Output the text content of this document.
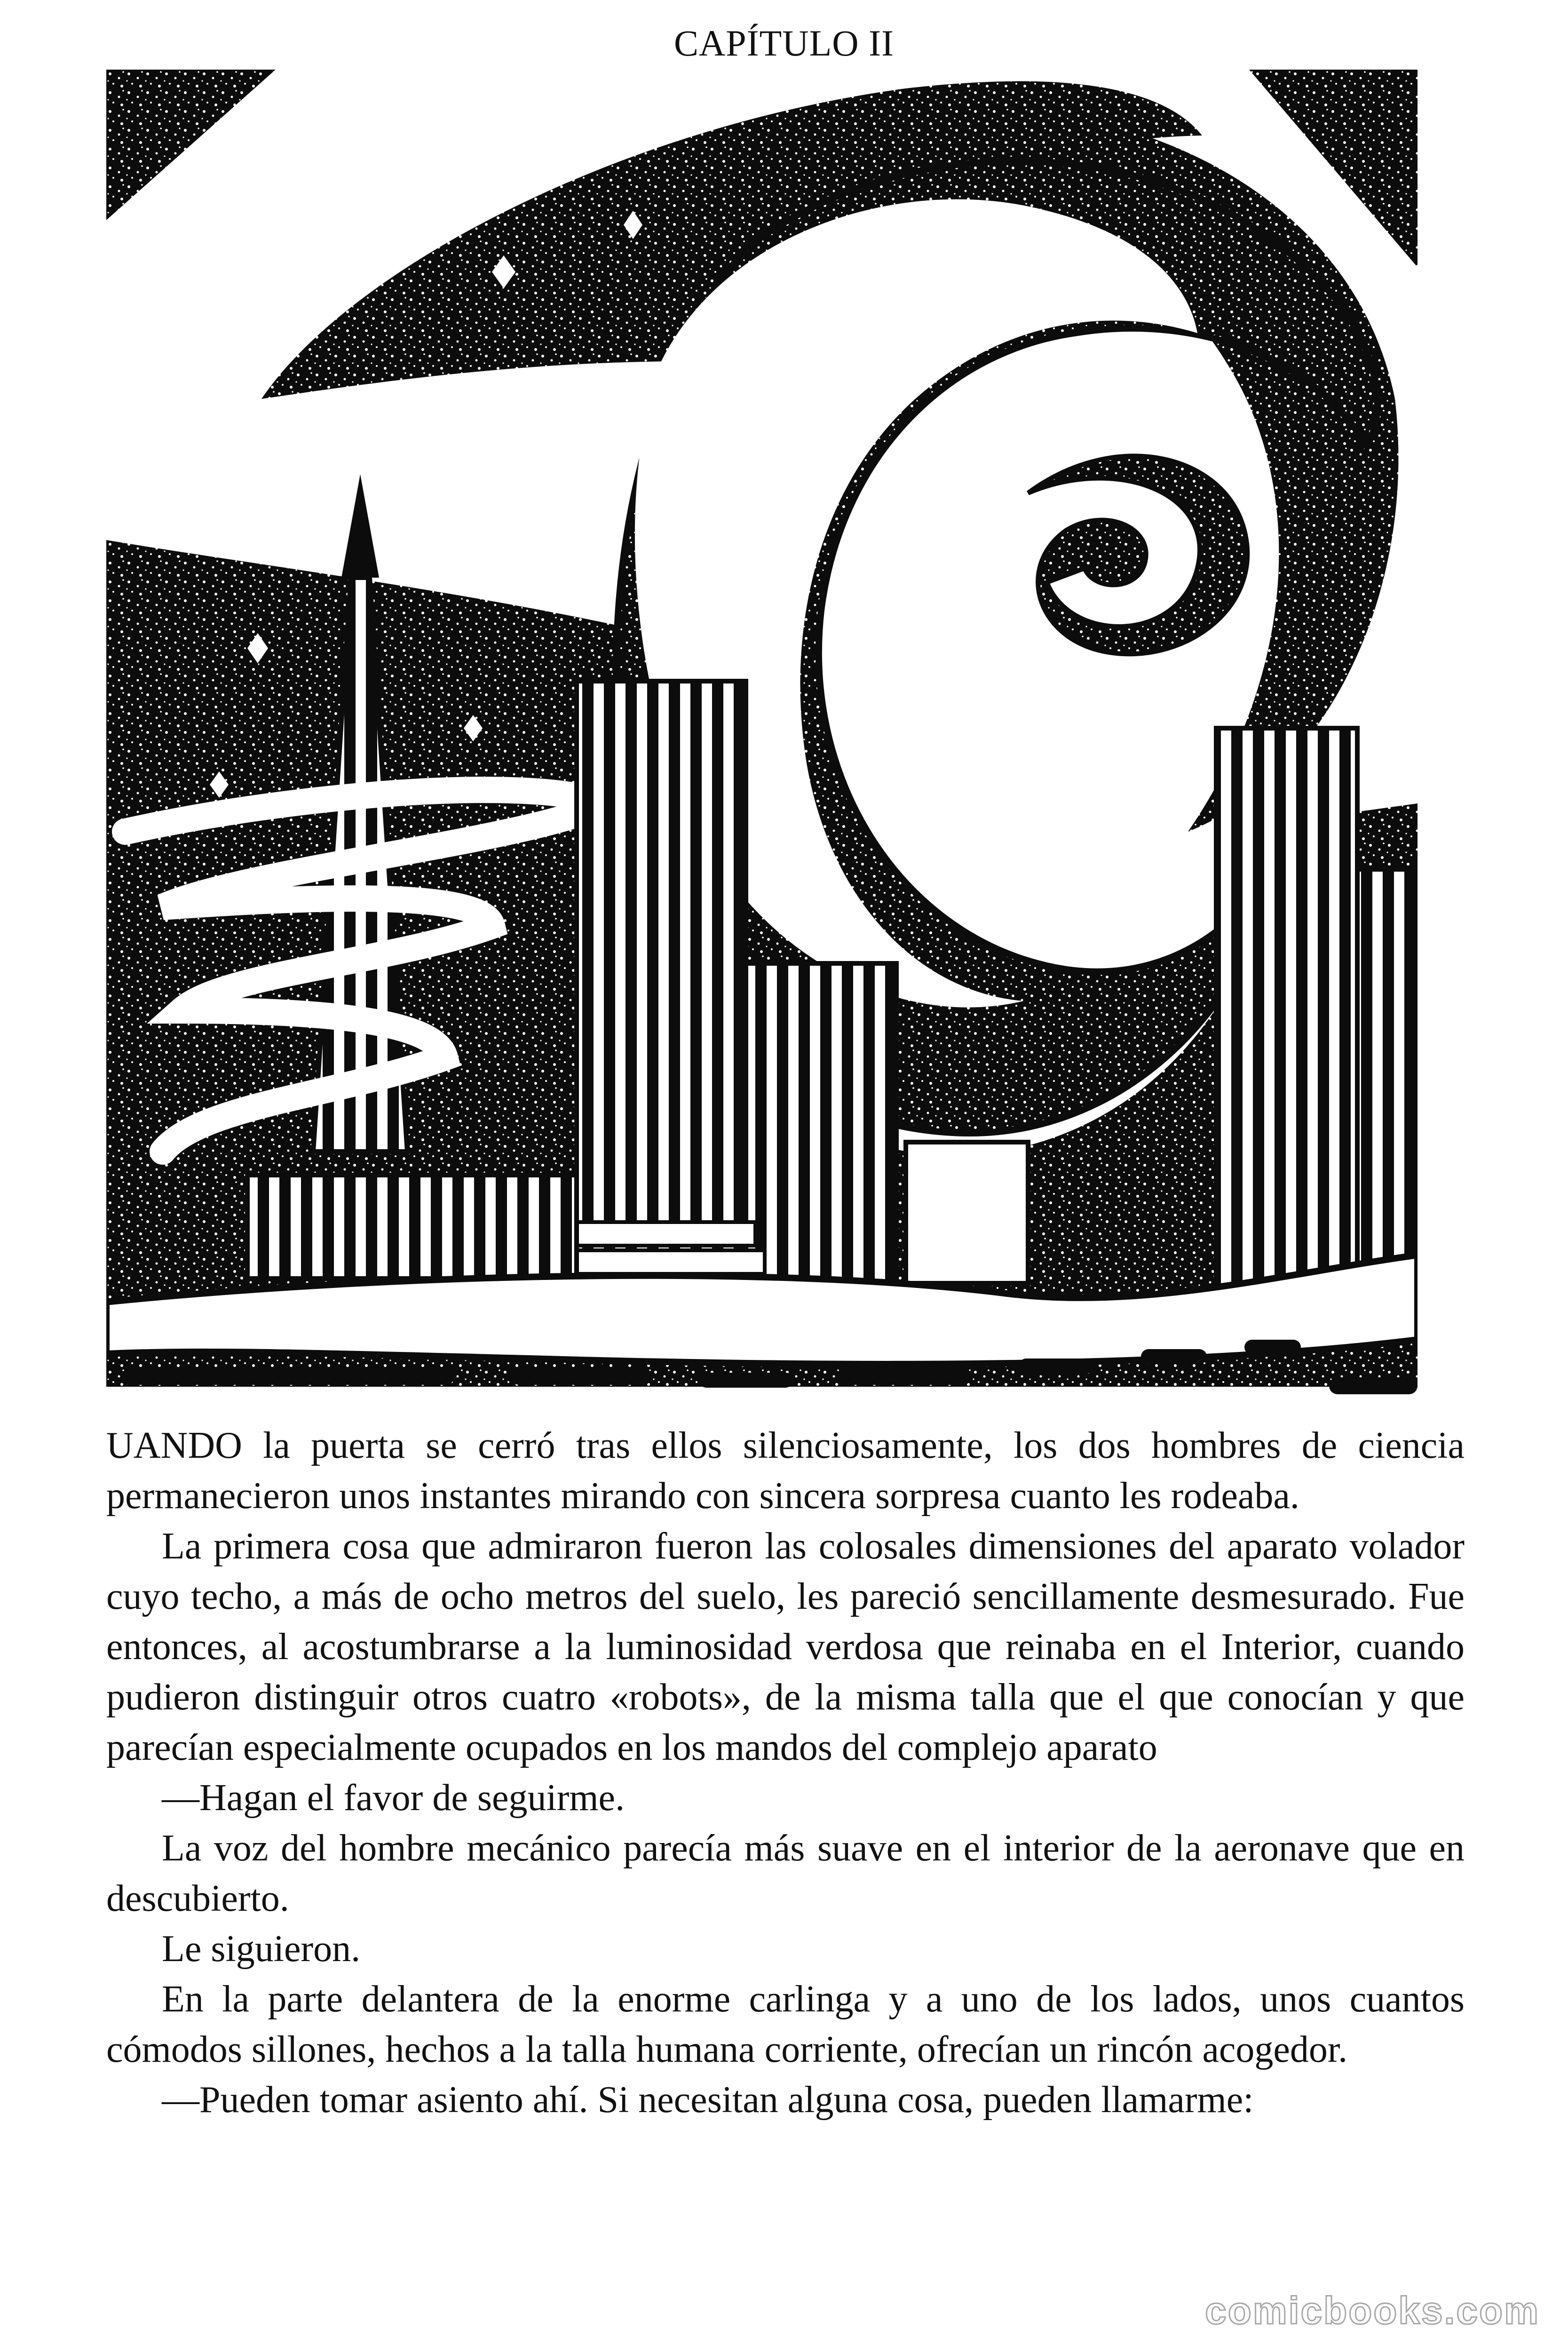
CAPÍTULO II

UANDO la puerta se cerró tras ellos silenciosamente, los dos hombres de ciencia permanecieron unos instantes mirando con sincera sorpresa cuanto les rodeaba.

La primera cosa que admiraron fueron las colosales dimensiones del aparato volador cuyo techo, a más de ocho metros del suelo, les pareció sencillamente desmesurado. Fue entonces, al acostumbrarse a la luminosidad verdosa que reinaba en el Interior, cuando pudieron distinguir otros cuatro «robots», de la misma talla que el que conocían y que parecían especialmente ocupados en los mandos del complejo aparato

—Hagan el favor de seguirme.

La voz del hombre mecánico parecía más suave en el interior de la aeronave que en descubierto.

Le siguieron.

En la parte delantera de la enorme carlinga y a uno de los lados, unos cuantos cómodos sillones, hechos a la talla humana corriente, ofrecían un rincón acogedor.

—Pueden tomar asiento ahí. Si necesitan alguna cosa, pueden llamarme:

comicbooks.com
